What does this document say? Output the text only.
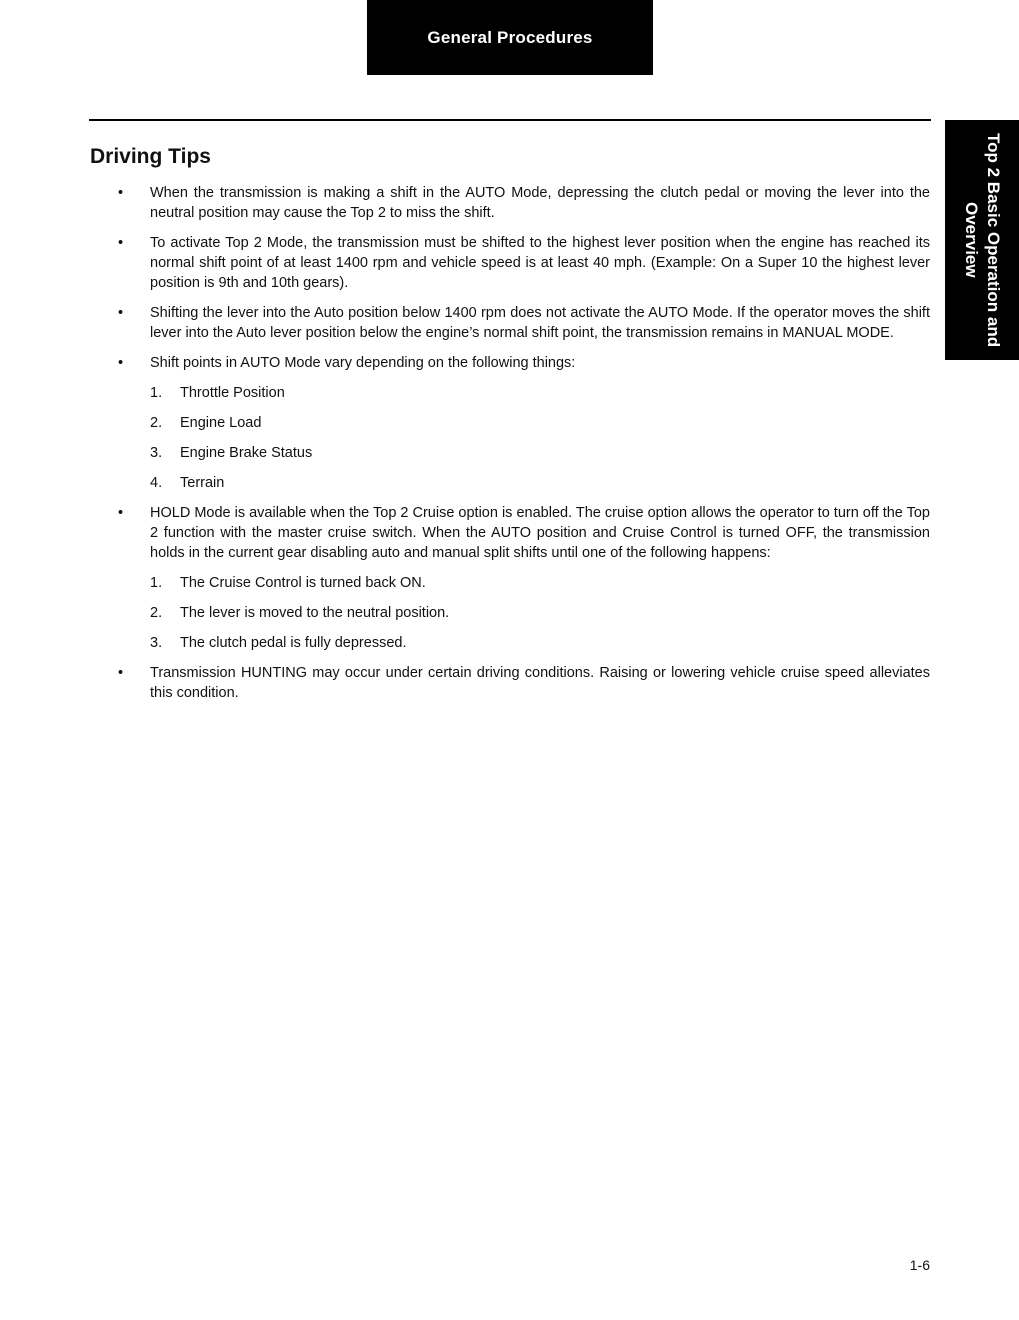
General Procedures
Top 2 Basic Operation and
Overview
Driving Tips
•	When the transmission is making a shift in the AUTO Mode, depressing the clutch pedal or moving the lever into the neutral position may cause the Top 2 to miss the shift.
•	To activate Top 2 Mode, the transmission must be shifted to the highest lever position when the engine has reached its normal shift point of at least 1400 rpm and vehicle speed is at least 40 mph. (Example: On a Super 10 the highest lever position is 9th and 10th gears).
•	Shifting the lever into the Auto position below 1400 rpm does not activate the AUTO Mode. If the operator moves the shift lever into the Auto lever position below the engine’s normal shift point, the transmission remains in MANUAL MODE.
•	Shift points in AUTO Mode vary depending on the following things:
1.	Throttle Position
2.	Engine Load
3.	Engine Brake Status
4.	Terrain
•	HOLD Mode is available when the Top 2 Cruise option is enabled. The cruise option allows the operator to turn off the Top 2 function with the master cruise switch. When the AUTO position and Cruise Control is turned OFF, the transmission holds in the current gear disabling auto and manual split shifts until one of the following happens:
1.	The Cruise Control is turned back ON.
2.	The lever is moved to the neutral position.
3.	The clutch pedal is fully depressed.
•	Transmission HUNTING may occur under certain driving conditions. Raising or lowering vehicle cruise speed alleviates this condition.
1-6
